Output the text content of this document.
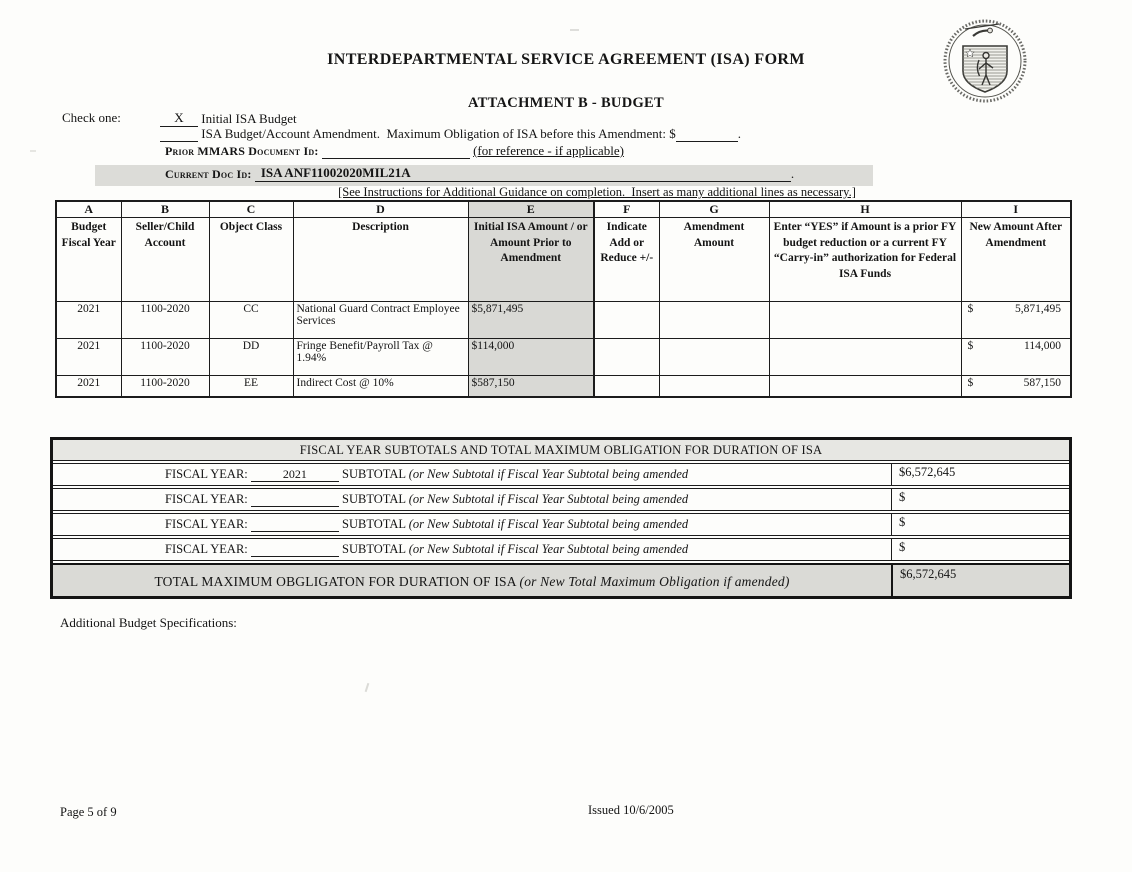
INTERDEPARTMENTAL SERVICE AGREEMENT (ISA) FORM
ATTACHMENT B - BUDGET
Check one:	X Initial ISA Budget
ISA Budget/Account Amendment.  Maximum Obligation of ISA before this Amendment: $	.
Prior MMARS Document Id:	(for reference - if applicable)
Current Doc Id: ISA ANF11002020MIL21A	.
[See Instructions for Additional Guidance on completion.  Insert as many additional lines as necessary.]
A	B	C	D	E	F	G	H	I
Budget Fiscal Year	Seller/Child Account	Object Class	Description	Initial ISA Amount / or Amount Prior to Amendment	Indicate Add or Reduce +/-	Amendment Amount	Enter “YES” if Amount is a prior FY budget reduction or a current FY “Carry-in” authorization for Federal ISA Funds	New Amount After Amendment
2021	1100-2020	CC	National Guard Contract Employee Services	$5,871,495				$ 5,871,495

2021	1100-2020	DD	Fringe Benefit/Payroll Tax @ 1.94%	$114,000				$ 114,000

2021	1100-2020	EE	Indirect Cost @ 10%	$587,150				$ 587,150
FISCAL YEAR SUBTOTALS AND TOTAL MAXIMUM OBLIGATION FOR DURATION OF ISA
FISCAL YEAR:	2021	SUBTOTAL (or New Subtotal if Fiscal Year Subtotal being amended	$6,572,645
FISCAL YEAR:	SUBTOTAL (or New Subtotal if Fiscal Year Subtotal being amended	$
FISCAL YEAR:	SUBTOTAL (or New Subtotal if Fiscal Year Subtotal being amended	$
FISCAL YEAR:	SUBTOTAL (or New Subtotal if Fiscal Year Subtotal being amended	$
TOTAL MAXIMUM OBGLIGATON FOR DURATION OF ISA (or New Total Maximum Obligation if amended)	$6,572,645
Additional Budget Specifications:
Page 5 of 9	Issued 10/6/2005
